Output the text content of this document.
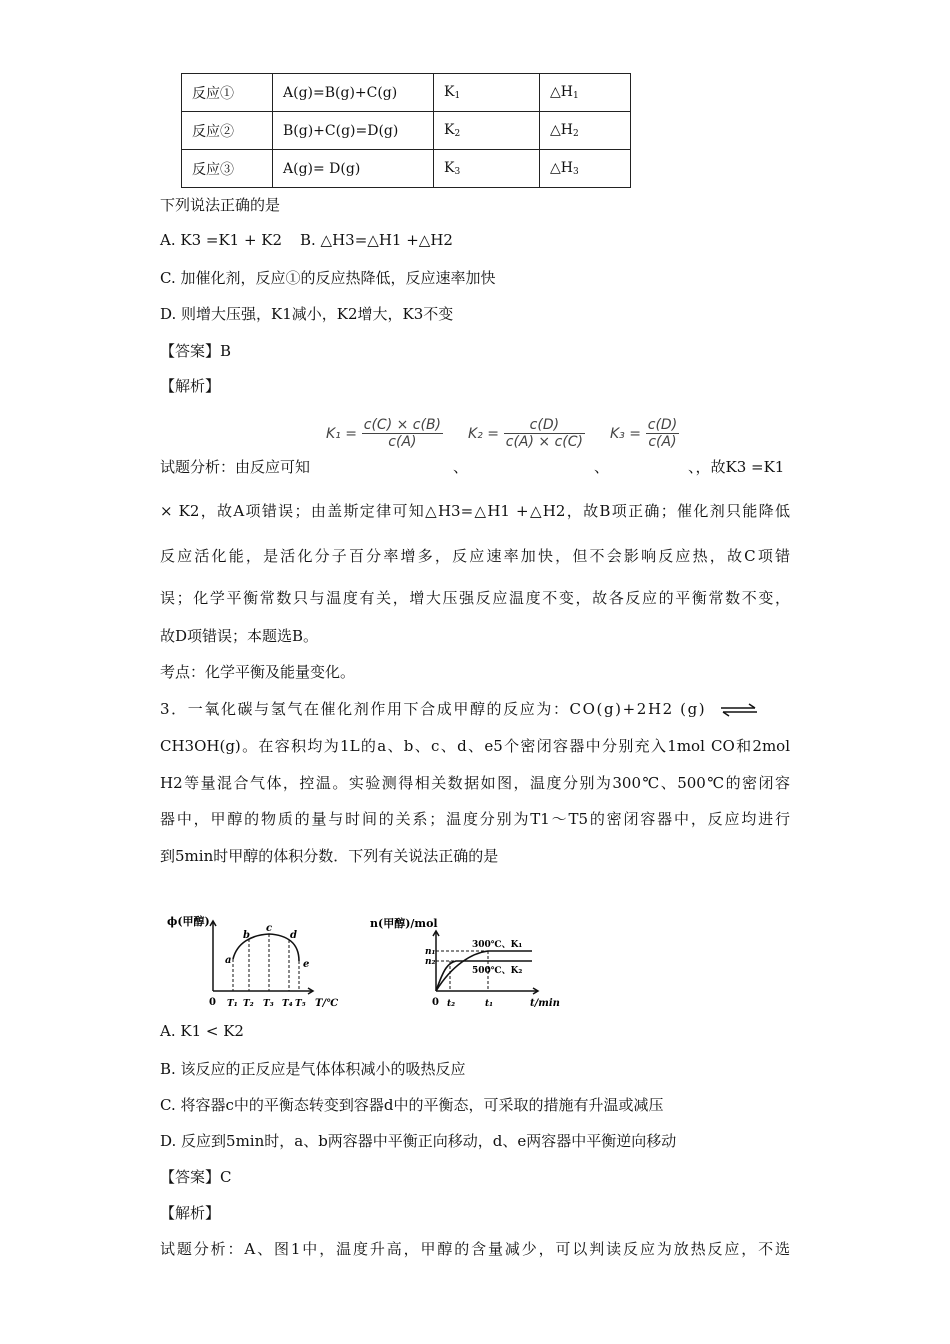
反应①	A(g)=B(g)+C(g)	$K_1$	$\triangle H_1$
反应②	B(g)+C(g)=D(g)	$K_2$	$\triangle H_2$
反应③	A(g)= D(g)	$K_3$	$\triangle H_3$
下列说法正确的是
A. K3 =K1 + K2 B. △H3=△H1 +△H2
C. 加催化剂，反应①的反应热降低，反应速率加快
D. 则增大压强，K1减小，K2增大，K3不变
【答案】B
【解析】
试题分析：由反应可知
$K_1 = \frac{c(C) \times c(B)}{c(A)}$
、
$K_2 = \frac{c(D)}{c(A) \times c(C)}$
、
$K_3 = \frac{c(D)}{c(A)}$
、，故K3 =K1
× K2，故A项错误；由盖斯定律可知△H3=△H1 +△H2，故B项正确；催化剂只能降低
反应活化能，是活化分子百分率增多，反应速率加快，但不会影响反应热，故C项错
误；化学平衡常数只与温度有关，增大压强反应温度不变，故各反应的平衡常数不变，
故D项错误；本题选B。
考点：化学平衡及能量变化。
3．一氧化碳与氢气在催化剂作用下合成甲醇的反应为：CO(g)+2H2 (g) ⇌
CH3OH(g)。在容积均为1L的a、b、c、d、e5个密闭容器中分别充入1mol CO和2mol
H2等量混合气体，控温。实验测得相关数据如图，温度分别为300℃、500℃的密闭容
器中，甲醇的物质的量与时间的关系；温度分别为T1～T5的密闭容器中，反应均进行
到5min时甲醇的体积分数．下列有关说法正确的是
ϕ(甲醇)
a
b
c
d
e
0 T₁ T₂ T₃ T₄ T₅ T/℃
n(甲醇)/mol
n₁
n₂
300℃、K₁
500℃、K₂
0 t₂	t₁	t/min
A. K1 < K2
B. 该反应的正反应是气体体积减小的吸热反应
C. 将容器c中的平衡态转变到容器d中的平衡态，可采取的措施有升温或减压
D. 反应到5min时，a、b两容器中平衡正向移动，d、e两容器中平衡逆向移动
【答案】C
【解析】
试题分析：A、图1中，温度升高，甲醇的含量减少，可以判读反应为放热反应，不选
